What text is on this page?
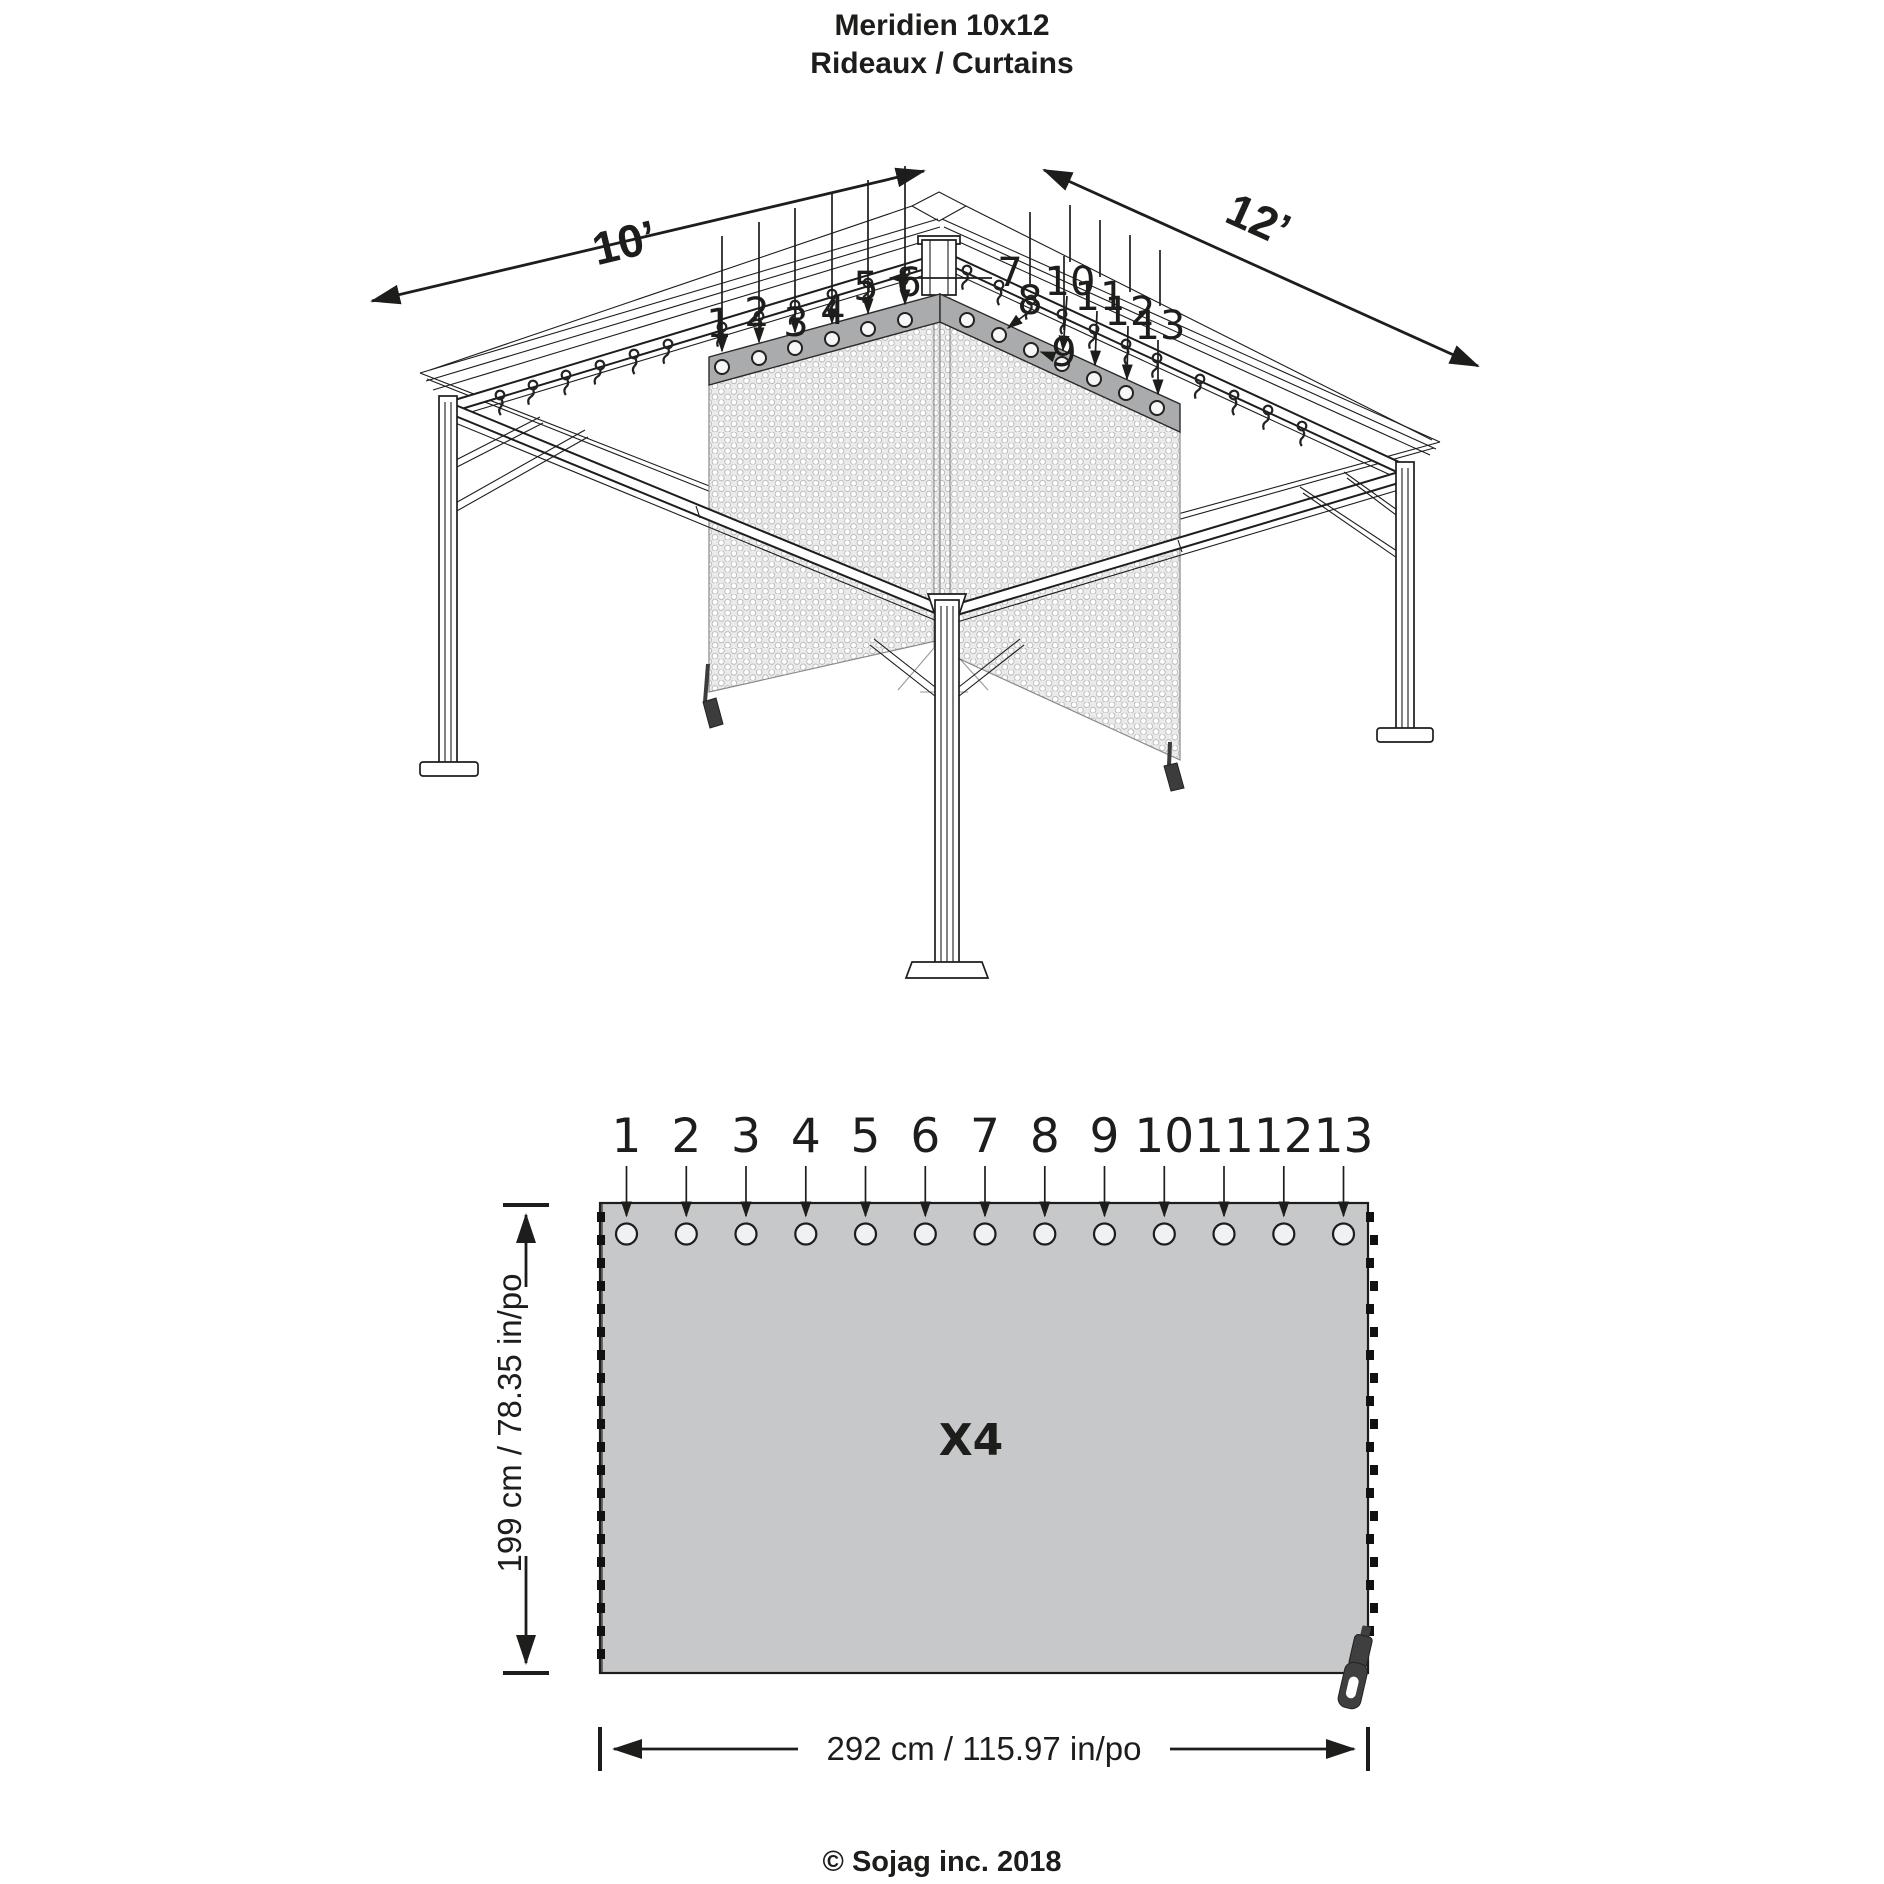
Meridien 10x12
Rideaux / Curtains
10’	12’
1 2 3 4
5 6 7
8
9
10
11
12
13
1 2 3 4 5 6 7 8 9 10 11 12 13
X4
199 cm / 78.35 in/po
292 cm / 115.97 in/po
© Sojag inc. 2018
